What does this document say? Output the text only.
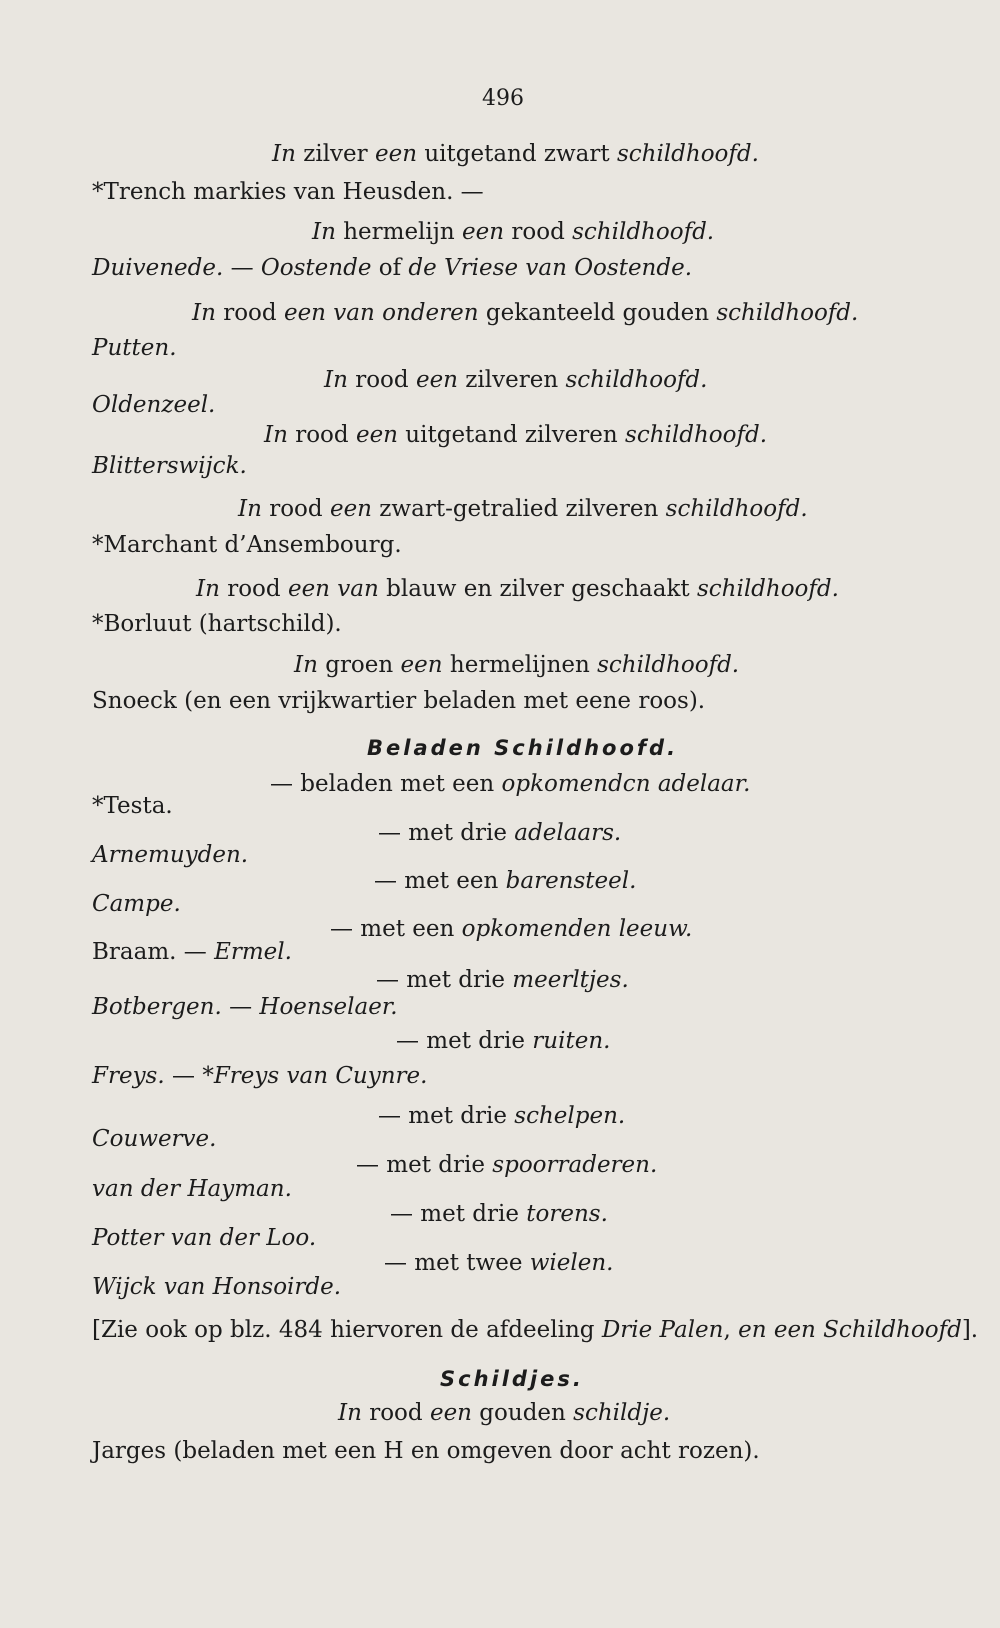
496
In zilver een uitgetand zwart schildhoofd.
*Trench markies van Heusden. —
In hermelijn een rood schildhoofd.
Duivenede. — Oostende of de Vriese van Oostende.
In rood een van onderen gekanteeld gouden schildhoofd.
Putten.
In rood een zilveren schildhoofd.
Oldenzeel.
In rood een uitgetand zilveren schildhoofd.
Blitterswijck.
In rood een zwart-getralied zilveren schildhoofd.
*Marchant d’Ansembourg.
In rood een van blauw en zilver geschaakt schildhoofd.
*Borluut (hartschild).
In groen een hermelijnen schildhoofd.
Snoeck (en een vrijkwartier beladen met eene roos).
Beladen Schildhoofd.
— beladen met een opkomendcn adelaar.
*Testa.
— met drie adelaars.
Arnemuyden.
— met een barensteel.
Campe.
— met een opkomenden leeuw.
Braam. — Ermel.
— met drie meerltjes.
Botbergen. — Hoenselaer.
— met drie ruiten.
Freys. — *Freys van Cuynre.
— met drie schelpen.
Couwerve.
— met drie spoorraderen.
van der Hayman.
— met drie torens.
Potter van der Loo.
— met twee wielen.
Wijck van Honsoirde.
[Zie ook op blz. 484 hiervoren de afdeeling Drie Palen, en een Schildhoofd].
Schildjes.
In rood een gouden schildje.
Jarges (beladen met een H en omgeven door acht rozen).
